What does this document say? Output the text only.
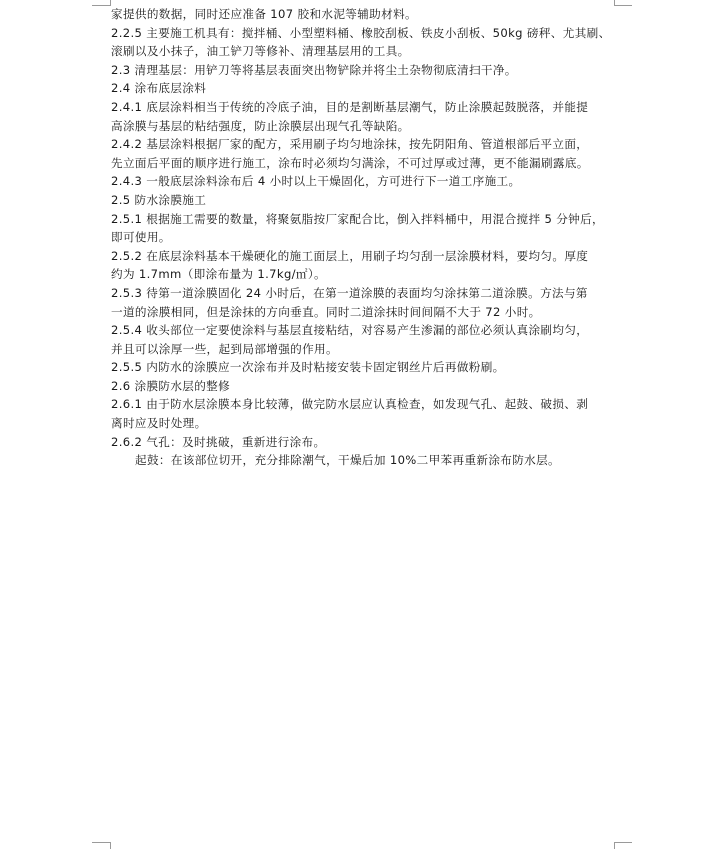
家提供的数据，同时还应准备 107 胶和水泥等辅助材料。
2.2.5 主要施工机具有：搅拌桶、小型塑料桶、橡胶刮板、铁皮小刮板、50kg 磅秤、尤其刷、
滚刷以及小抹子，油工铲刀等修补、清理基层用的工具。
2.3 清理基层：用铲刀等将基层表面突出物铲除并将尘土杂物彻底清扫干净。
2.4 涂布底层涂料
2.4.1 底层涂料相当于传统的冷底子油，目的是割断基层潮气，防止涂膜起鼓脱落，并能提
高涂膜与基层的粘结强度，防止涂膜层出现气孔等缺陷。
2.4.2 基层涂料根据厂家的配方，采用刷子均匀地涂抹，按先阴阳角、管道根部后平立面，
先立面后平面的顺序进行施工，涂布时必须均匀满涂，不可过厚或过薄，更不能漏刷露底。
2.4.3 一般底层涂料涂布后 4 小时以上干燥固化，方可进行下一道工序施工。
2.5 防水涂膜施工
2.5.1 根据施工需要的数量，将聚氨脂按厂家配合比，倒入拌料桶中，用混合搅拌 5 分钟后，
即可使用。
2.5.2 在底层涂料基本干燥硬化的施工面层上，用刷子均匀刮一层涂膜材料，要均匀。厚度
约为 1.7mm（即涂布量为 1.7kg/㎡）。
2.5.3 待第一道涂膜固化 24 小时后，在第一道涂膜的表面均匀涂抹第二道涂膜。方法与第
一道的涂膜相同，但是涂抹的方向垂直。同时二道涂抹时间间隔不大于 72 小时。
2.5.4 收头部位一定要使涂料与基层直接粘结，对容易产生渗漏的部位必须认真涂刷均匀，
并且可以涂厚一些，起到局部增强的作用。
2.5.5 内防水的涂膜应一次涂布并及时粘接安装卡固定钢丝片后再做粉刷。
2.6 涂膜防水层的整修
2.6.1 由于防水层涂膜本身比较薄，做完防水层应认真检查，如发现气孔、起鼓、破损、剥
离时应及时处理。
2.6.2 气孔：及时挑破，重新进行涂布。
起鼓：在该部位切开，充分排除潮气，干燥后加 10%二甲苯再重新涂布防水层。
